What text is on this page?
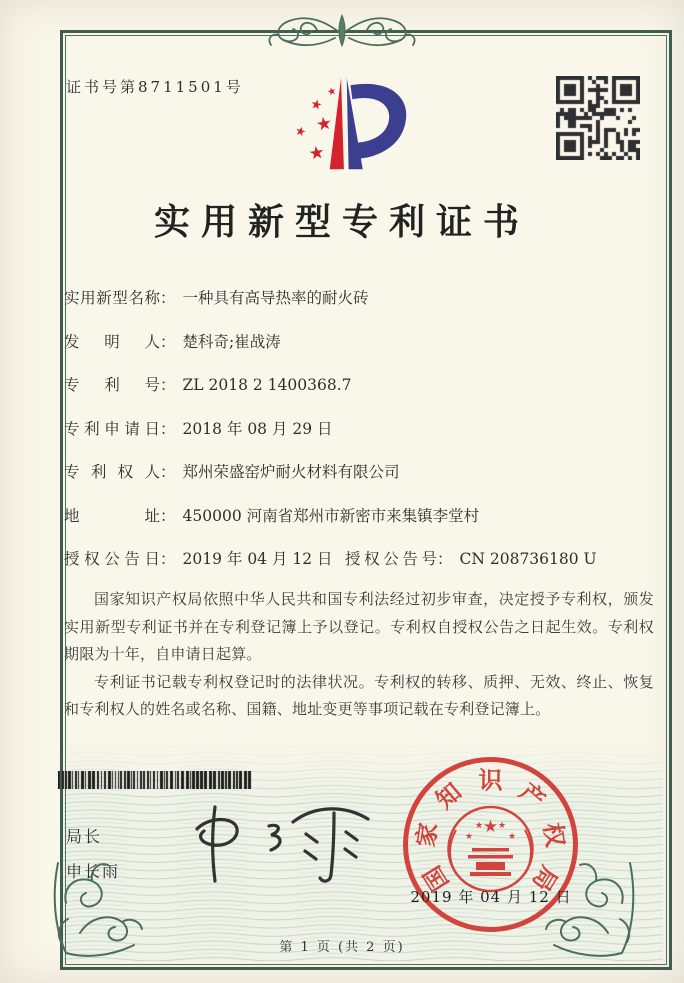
证书号第8711501号	★
★
★
★
★
实用新型专利证书
实用新型名称： 一种具有高导热率的耐火砖
发明人： 楚科奇;崔战涛
专利号： ZL 2018 2 1400368.7
专利申请日： 2018 年 08 月 29 日
专利权人： 郑州荣盛窑炉耐火材料有限公司
地址： 450000 河南省郑州市新密市来集镇李堂村
授权公告日： 2019 年 04 月 12 日 授权公告号： CN 208736180 U

国家知识产权局依照中华人民共和国专利法经过初步审查，决定授予专利权，颁发实用新型专利证书并在专利登记簿上予以登记。专利权自授权公告之日起生效。专利权期限为十年，自申请日起算。

专利证书记载专利权登记时的法律状况。专利权的转移、质押、无效、终止、恢复和专利权人的姓名或名称、国籍、地址变更等事项记载在专利登记簿上。

局长
申长雨
★
★
★ ★
★
国
家
知 识 产
权
局
2019 年 04 月 12 日
第 1 页 (共 2 页)
